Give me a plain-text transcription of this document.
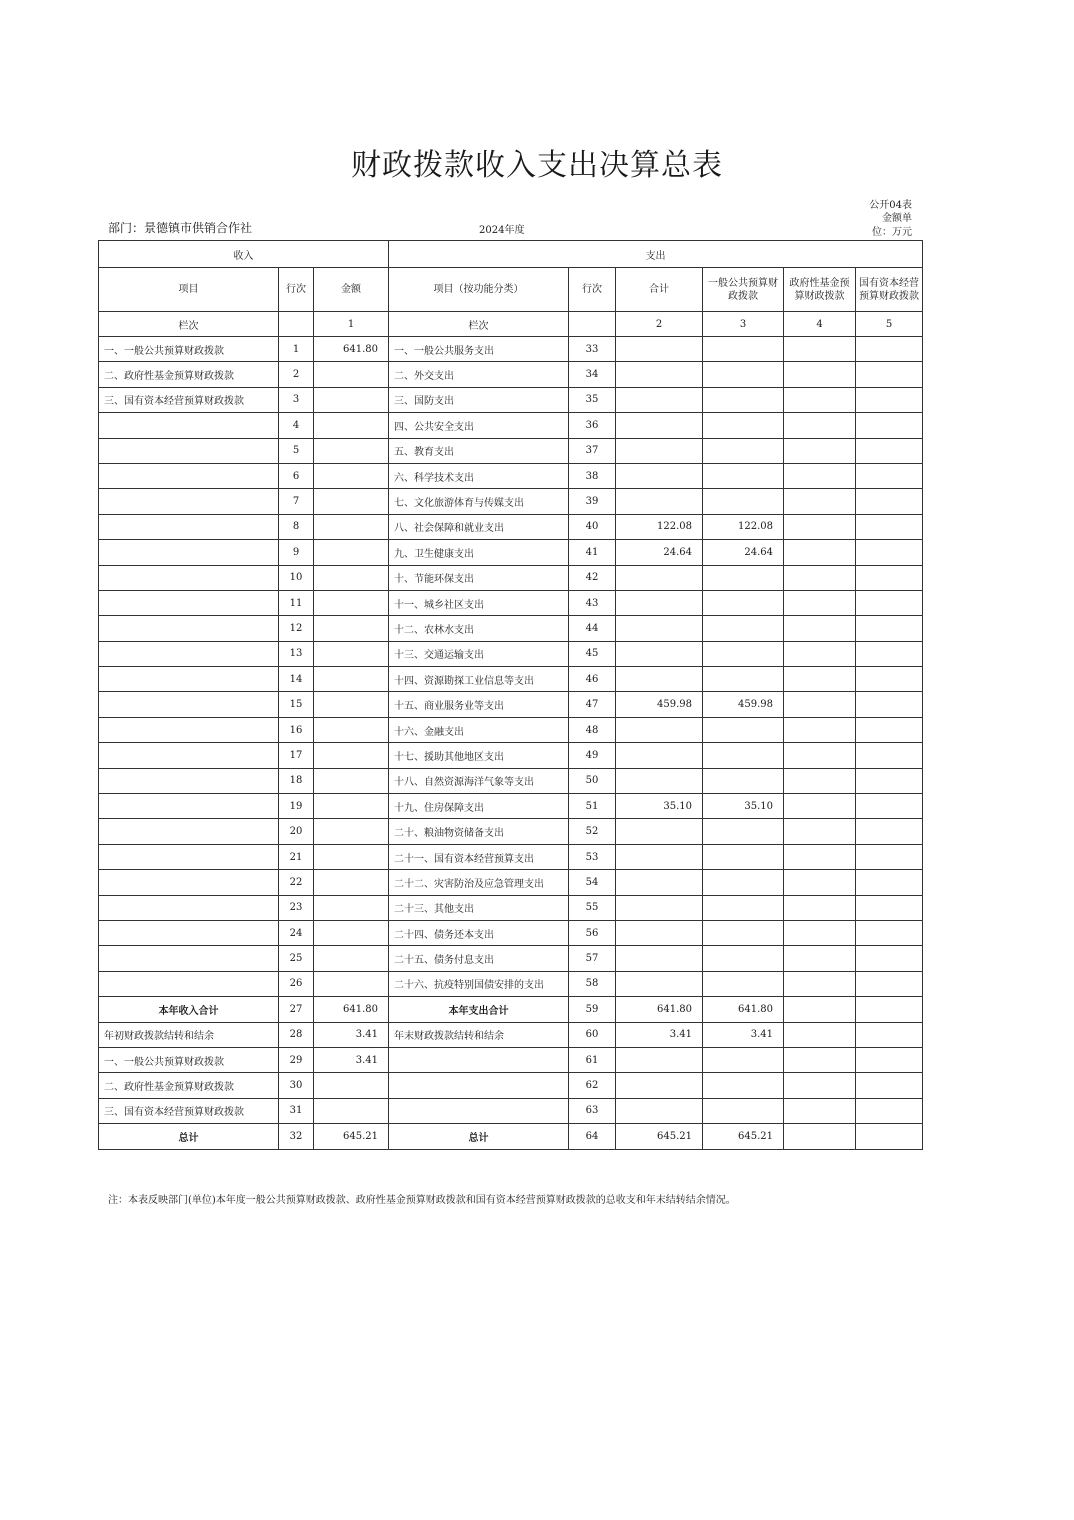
财政拨款收入支出决算总表
公开04表
部门：景德镇市供销合作社	2024年度
金额单
位：万元
收入			支出					
项目	行次	金额	项目（按功能分类）	行次	合计	一般公共预算财政拨款	政府性基金预算财政拨款	国有资本经营预算财政拨款
栏次		1	栏次		2	3	4	5
一、一般公共预算财政拨款	1	641.80	一、一般公共服务支出	33				
二、政府性基金预算财政拨款	2		二、外交支出	34				
三、国有资本经营预算财政拨款	3		三、国防支出	35				
	4		四、公共安全支出	36				
	5		五、教育支出	37				
	6		六、科学技术支出	38				
	7		七、文化旅游体育与传媒支出	39				
	8		八、社会保障和就业支出	40	122.08	122.08		
	9		九、卫生健康支出	41	24.64	24.64		
	10		十、节能环保支出	42				
	11		十一、城乡社区支出	43				
	12		十二、农林水支出	44				
	13		十三、交通运输支出	45				
	14		十四、资源勘探工业信息等支出	46				
	15		十五、商业服务业等支出	47	459.98	459.98		
	16		十六、金融支出	48				
	17		十七、援助其他地区支出	49				
	18		十八、自然资源海洋气象等支出	50				
	19		十九、住房保障支出	51	35.10	35.10		
	20		二十、粮油物资储备支出	52				
	21		二十一、国有资本经营预算支出	53				
	22		二十二、灾害防治及应急管理支出	54				
	23		二十三、其他支出	55				
	24		二十四、债务还本支出	56				
	25		二十五、债务付息支出	57				
	26		二十六、抗疫特别国债安排的支出	58				
本年收入合计	27	641.80	本年支出合计	59	641.80	641.80		
年初财政拨款结转和结余	28	3.41	年末财政拨款结转和结余	60	3.41	3.41		
一、一般公共预算财政拨款	29	3.41		61				
二、政府性基金预算财政拨款	30			62				
三、国有资本经营预算财政拨款	31			63				
总计	32	645.21	总计	64	645.21	645.21		
注：本表反映部门(单位)本年度一般公共预算财政拨款、政府性基金预算财政拨款和国有资本经营预算财政拨款的总收支和年末结转结余情况。
